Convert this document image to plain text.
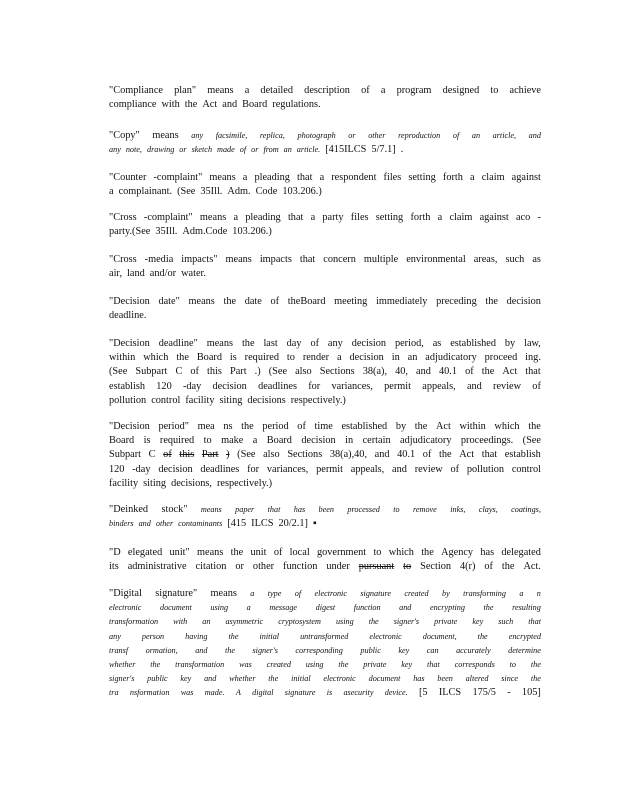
"Compliance plan" means a detailed description of a program designed to achieve
compliance with the Act and Board regulations.
"Copy" means any facsimile, replica, photograph or other reproduction of an article, and
any note, drawing or sketch made of or from an article. [415ILCS 5/7.1] .
"Counter -complaint" means a pleading that a respondent files setting forth a claim against
a complainant. (See 35Ill. Adm. Code 103.206.)
"Cross -complaint" means a pleading that a party files setting forth a claim against aco -
party.(See 35Ill. Adm.Code 103.206.)
"Cross -media impacts" means impacts that concern multiple environmental areas, such as
air, land and/or water.
"Decision date" means the date of theBoard meeting immediately preceding the decision
deadline.
"Decision deadline" means the last day of any decision period, as established by law,
within which the Board is required to render a decision in an adjudicatory proceed ing.
(See Subpart C of this Part .) (See also Sections 38(a), 40, and 40.1 of the Act that
establish 120 -day decision deadlines for variances, permit appeals, and review of
pollution control facility siting decisions respectively.)
"Decision period" mea ns the period of time established by the Act within which the
Board is required to make a Board decision in certain adjudicatory proceedings. (See
Subpart C of this Part ) (See also Sections 38(a),40, and 40.1 of the Act that establish
120 -day decision deadlines for variances, permit appeals, and review of pollution control
facility siting decisions, respectively.)
"Deinked stock" means paper that has been processed to remove inks, clays, coatings,
binders and other contaminants [415 ILCS 20/2.1] ▪
"D elegated unit" means the unit of local government to which the Agency has delegated
its administrative citation or other function under pursuant to Section 4(r) of the Act.
"Digital signature" means a type of electronic signature created by transforming a n
electronic document using a message digest function and encrypting the resulting
transformation with an asymmetric cryptosystem using the signer's private key such that
any	person	having	the	initial	untransformed	electronic	document,	the	encrypted
transf ormation, and the signer's corresponding public key can accurately determine
whether the transformation was created using the private key that corresponds to the
signer's public key and whether the initial electronic document has been altered since the
tra nsformation was made. A digital signature is asecurity device. [5 ILCS 175/5 - 105]
